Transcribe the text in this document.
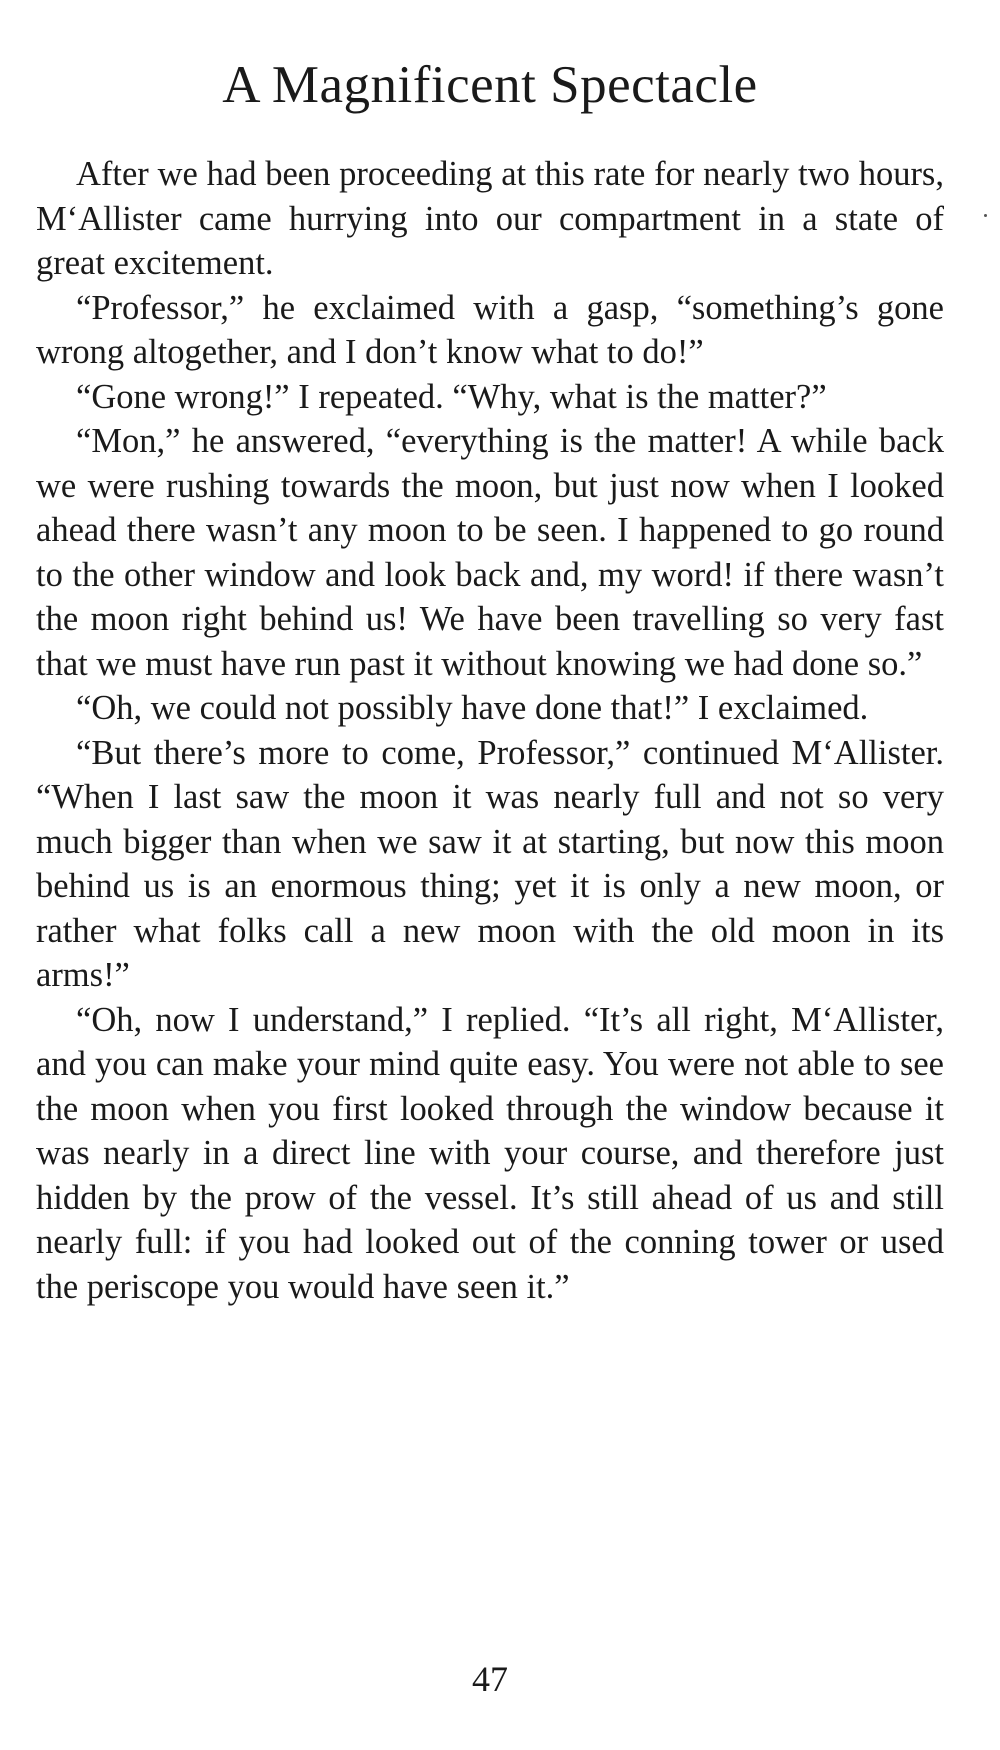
A Magnificent Spectacle

After we had been proceeding at this rate for nearly two hours, M‘Allister came hurrying into our compartment in a state of great excitement.

“Professor,” he exclaimed with a gasp, “something’s gone wrong altogether, and I don’t know what to do!”

“Gone wrong!” I repeated. “Why, what is the matter?”

“Mon,” he answered, “everything is the matter! A while back we were rushing towards the moon, but just now when I looked ahead there wasn’t any moon to be seen. I happened to go round to the other window and look back and, my word! if there wasn’t the moon right behind us! We have been travelling so very fast that we must have run past it without knowing we had done so.”

“Oh, we could not possibly have done that!” I exclaimed.

“But there’s more to come, Professor,” continued M‘Allister. “When I last saw the moon it was nearly full and not so very much bigger than when we saw it at starting, but now this moon behind us is an enormous thing; yet it is only a new moon, or rather what folks call a new moon with the old moon in its arms!”

“Oh, now I understand,” I replied. “It’s all right, M‘Allister, and you can make your mind quite easy. You were not able to see the moon when you first looked through the window because it was nearly in a direct line with your course, and therefore just hidden by the prow of the vessel. It’s still ahead of us and still nearly full: if you had looked out of the conning tower or used the periscope you would have seen it.”

47
